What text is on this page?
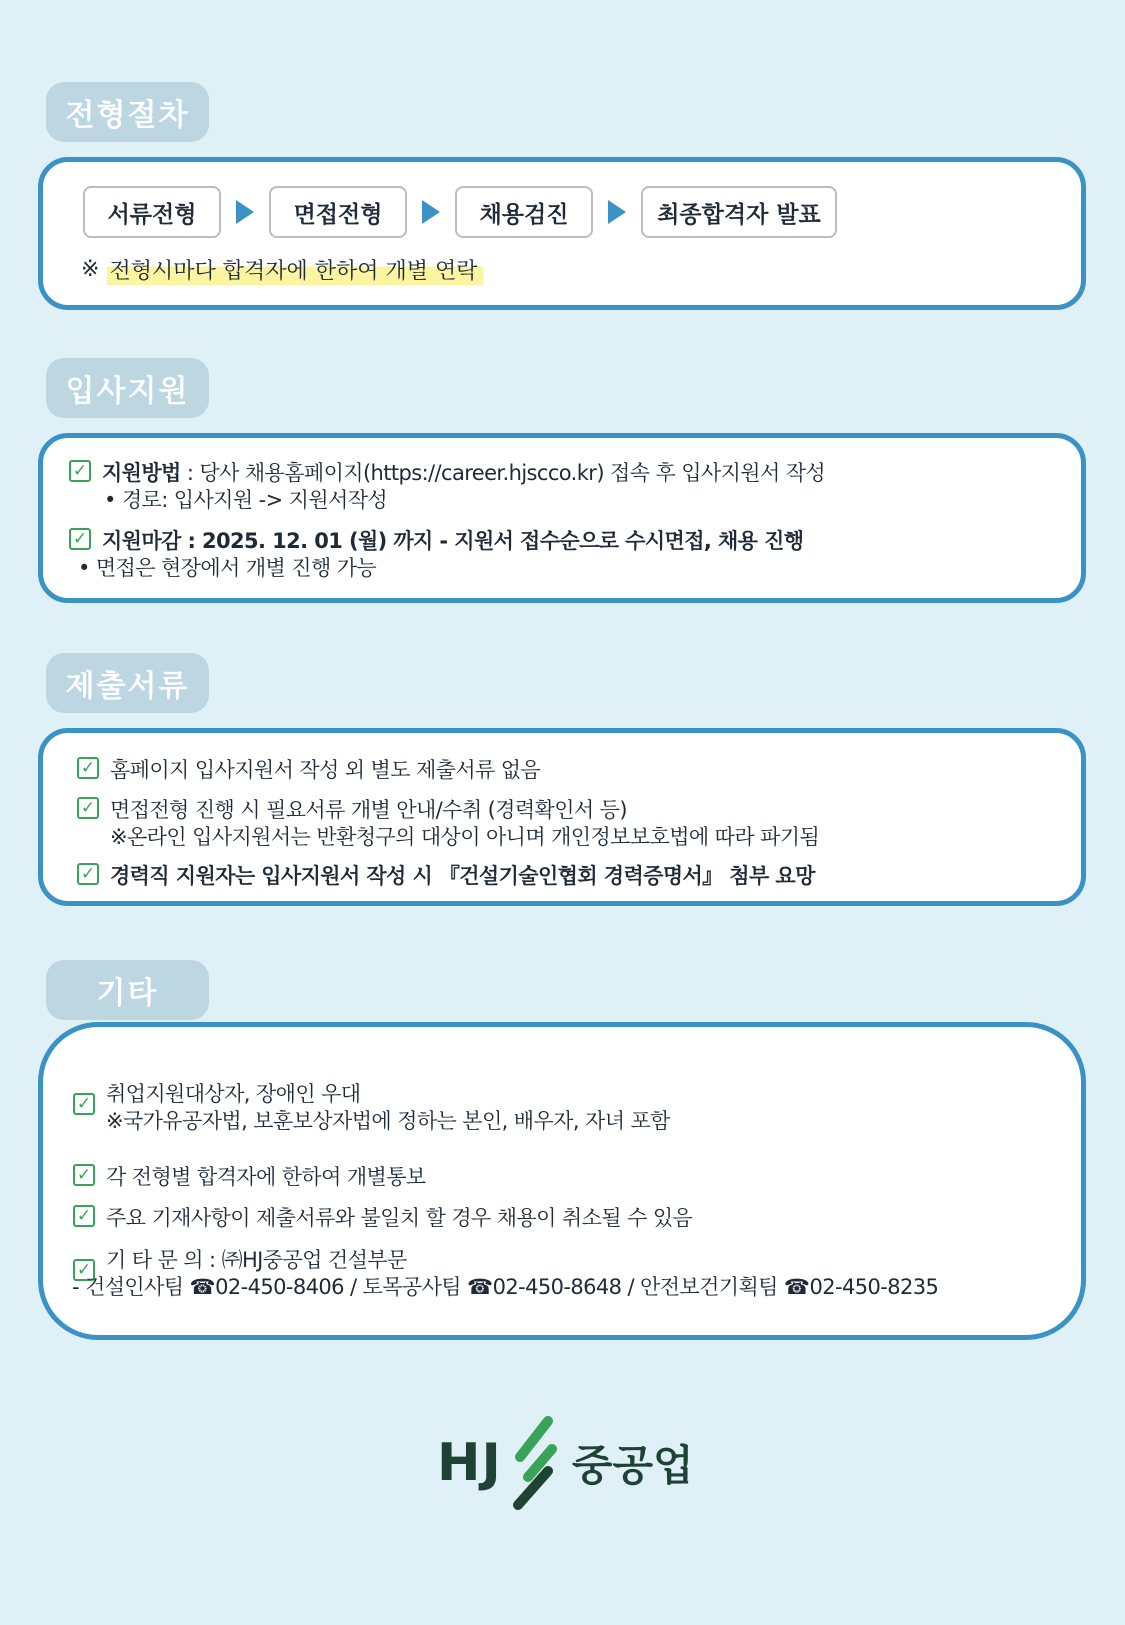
전형절차
서류전형	면접전형	채용검진	최종합격자 발표
※ 전형시마다 합격자에 한하여 개별 연락
입사지원
✓ 지원방법 : 당사 채용홈페이지(https://career.hjscco.kr) 접속 후 입사지원서 작성
• 경로: 입사지원 -> 지원서작성
✓ 지원마감 : 2025. 12. 01 (월) 까지 - 지원서 접수순으로 수시면접, 채용 진행
• 면접은 현장에서 개별 진행 가능
제출서류
✓ 홈페이지 입사지원서 작성 외 별도 제출서류 없음
✓ 면접전형 진행 시 필요서류 개별 안내/수취 (경력확인서 등)
※온라인 입사지원서는 반환청구의 대상이 아니며 개인정보보호법에 따라 파기됨
✓ 경력직 지원자는 입사지원서 작성 시 『건설기술인협회 경력증명서』 첨부 요망
기타
✓ 취업지원대상자, 장애인 우대
※국가유공자법, 보훈보상자법에 정하는 본인, 배우자, 자녀 포함
✓ 각 전형별 합격자에 한하여 개별통보
✓ 주요 기재사항이 제출서류와 불일치 할 경우 채용이 취소될 수 있음
✓ 기 타 문 의 : ㈜HJ중공업 건설부문
- 건설인사팀 ☎02-450-8406 / 토목공사팀 ☎02-450-8648 / 안전보건기획팀 ☎02-450-8235
HJ 중공업
